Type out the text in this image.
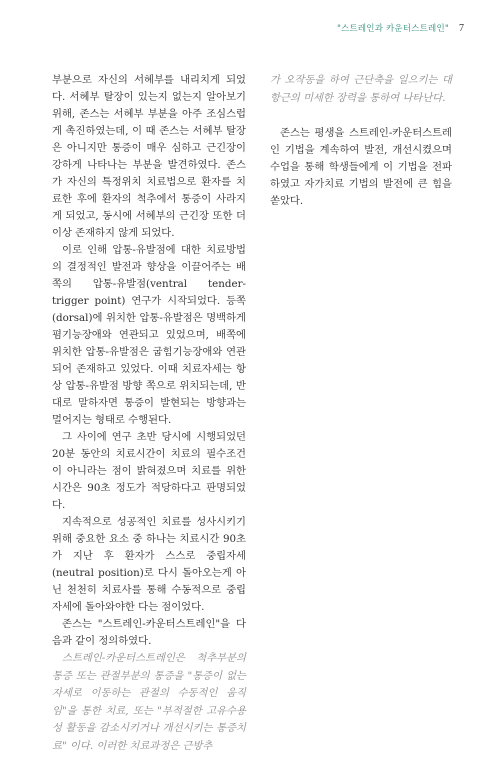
"스트레인과 카운터스트레인" 7

부분으로 자신의 서혜부를 내리치게 되었다. 서혜부 탈장이 있는지 없는지 알아보기 위해, 존스는 서혜부 부분을 아주 조심스럽게 촉진하였는데, 이 때 존스는 서혜부 탈장은 아니지만 통증이 매우 심하고 근긴장이 강하게 나타나는 부분을 발견하였다. 존스가 자신의 특정위치 치료법으로 환자를 치료한 후에 환자의 척추에서 통증이 사라지게 되었고, 동시에 서혜부의 근긴장 또한 더 이상 존재하지 않게 되었다.

이로 인해 압통-유발점에 대한 치료방법의 결정적인 발전과 향상을 이끌어주는 배쪽의 압통-유발점(ventral tender-trigger point) 연구가 시작되었다. 등쪽(dorsal)에 위치한 압통-유발점은 명백하게 폄기능장애와 연관되고 있었으며, 배쪽에 위치한 압통-유발점은 굽힘기능장애와 연관되어 존재하고 있었다. 이때 치료자세는 항상 압통-유발점 방향 쪽으로 위치되는데, 반대로 말하자면 통증이 발현되는 방향과는 멀어지는 형태로 수행된다.

그 사이에 연구 초반 당시에 시행되었던 20분 동안의 치료시간이 치료의 필수조건이 아니라는 점이 밝혀졌으며 치료를 위한 시간은 90초 정도가 적당하다고 판명되었다.

지속적으로 성공적인 치료를 성사시키기 위해 중요한 요소 중 하나는 치료시간 90초가 지난 후 환자가 스스로 중립자세(neutral position)로 다시 돌아오는게 아닌 천천히 치료사를 통해 수동적으로 중립자세에 돌아와야한 다는 점이었다.

존스는 "스트레인-카운터스트레인"을 다음과 같이 정의하였다.

스트레인-카운터스트레인은 척추부분의 통증 또는 관절부분의 통증을 "통증이 없는 자세로 이동하는 관절의 수동적인 움직임"을 통한 치료, 또는 "부적절한 고유수용성 활동을 감소시키거나 개선시키는 통증치료" 이다. 이러한 치료과정은 근방추

가 오작동을 하여 근단축을 일으키는 대항근의 미세한 장력을 통하여 나타난다.

존스는 평생을 스트레인-카운터스트레인 기법을 계속하여 발전, 개선시켰으며 수업을 통해 학생들에게 이 기법을 전파하였고 자가치료 기법의 발전에 큰 힘을 쏟았다.
